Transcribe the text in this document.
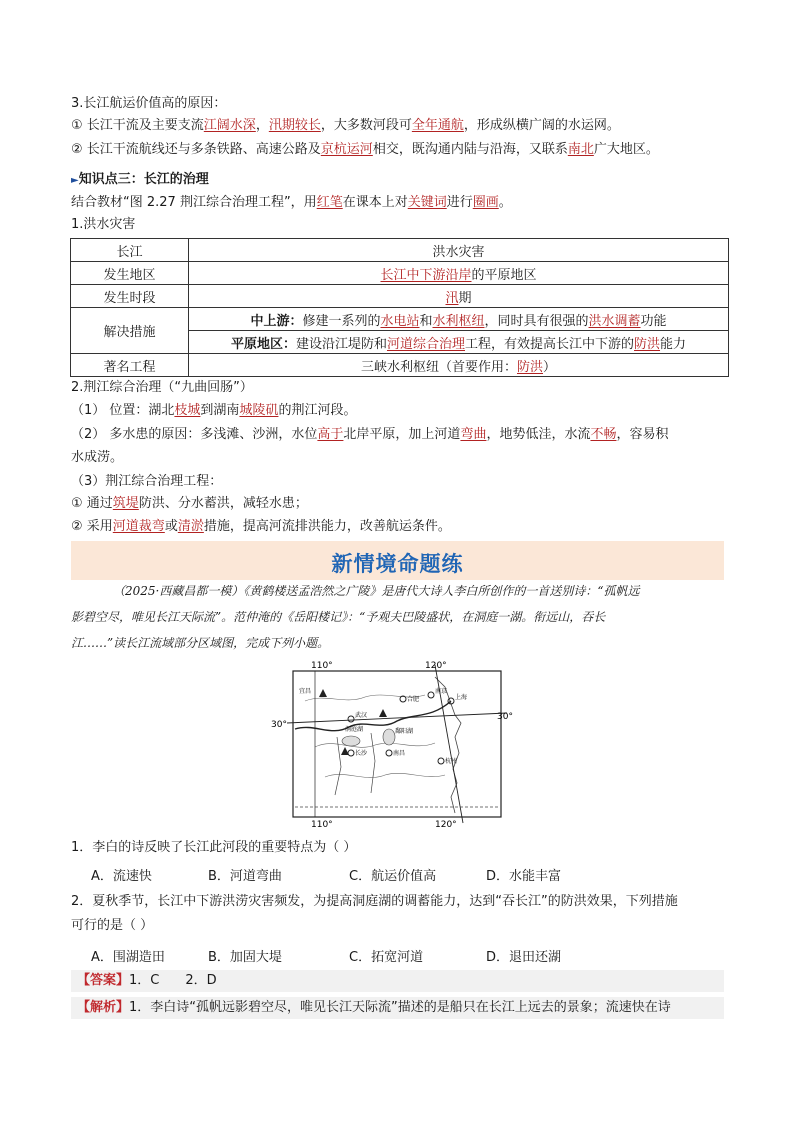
3.长江航运价值高的原因：
① 长江干流及主要支流江阔水深，汛期较长，大多数河段可全年通航，形成纵横广阔的水运网。
② 长江干流航线还与多条铁路、高速公路及京杭运河相交，既沟通内陆与沿海，又联系南北广大地区。
►知识点三：长江的治理
结合教材“图 2.27 荆江综合治理工程”，用红笔在课本上对关键词进行圈画。
1.洪水灾害
长江	洪水灾害
发生地区	长江中下游沿岸的平原地区
发生时段	汛期
解决措施	中上游：修建一系列的水电站和水利枢纽，同时具有很强的洪水调蓄功能
	平原地区：建设沿江堤防和河道综合治理工程，有效提高长江中下游的防洪能力
著名工程	三峡水利枢纽（首要作用：防洪）
2.荆江综合治理（“九曲回肠”）
（1） 位置：湖北枝城到湖南城陵矶的荆江河段。
（2） 多水患的原因：多浅滩、沙洲，水位高于北岸平原，加上河道弯曲，地势低洼，水流不畅，容易积
水成涝。
（3）荆江综合治理工程：
① 通过筑堤防洪、分水蓄洪，减轻水患；
② 采用河道裁弯或清淤措施，提高河流排洪能力，改善航运条件。
新情境命题练
（2025·西藏昌都一模）《黄鹤楼送孟浩然之广陵》是唐代大诗人李白所创作的一首送别诗：“孤帆远
影碧空尽，唯见长江天际流”。范仲淹的《岳阳楼记》：“予观夫巴陵盛状，在洞庭一湖。衔远山，吞长
江……”读长江流域部分区域图，完成下列小题。
110°	120°
30°
30°
110°	120°
武汉
合肥
南京
上海
长沙	南昌
杭州
宜昌
洞庭湖	鄱阳湖
1．李白的诗反映了长江此河段的重要特点为（ ）
A．流速快	B．河道弯曲	C．航运价值高	D．水能丰富
2．夏秋季节，长江中下游洪涝灾害频发，为提高洞庭湖的调蓄能力，达到“吞长江”的防洪效果，下列措施
可行的是（ ）
A．围湖造田	B．加固大堤	C．拓宽河道	D．退田还湖
【答案】1．C　　2．D
【解析】1．李白诗“孤帆远影碧空尽，唯见长江天际流”描述的是船只在长江上远去的景象；流速快在诗
